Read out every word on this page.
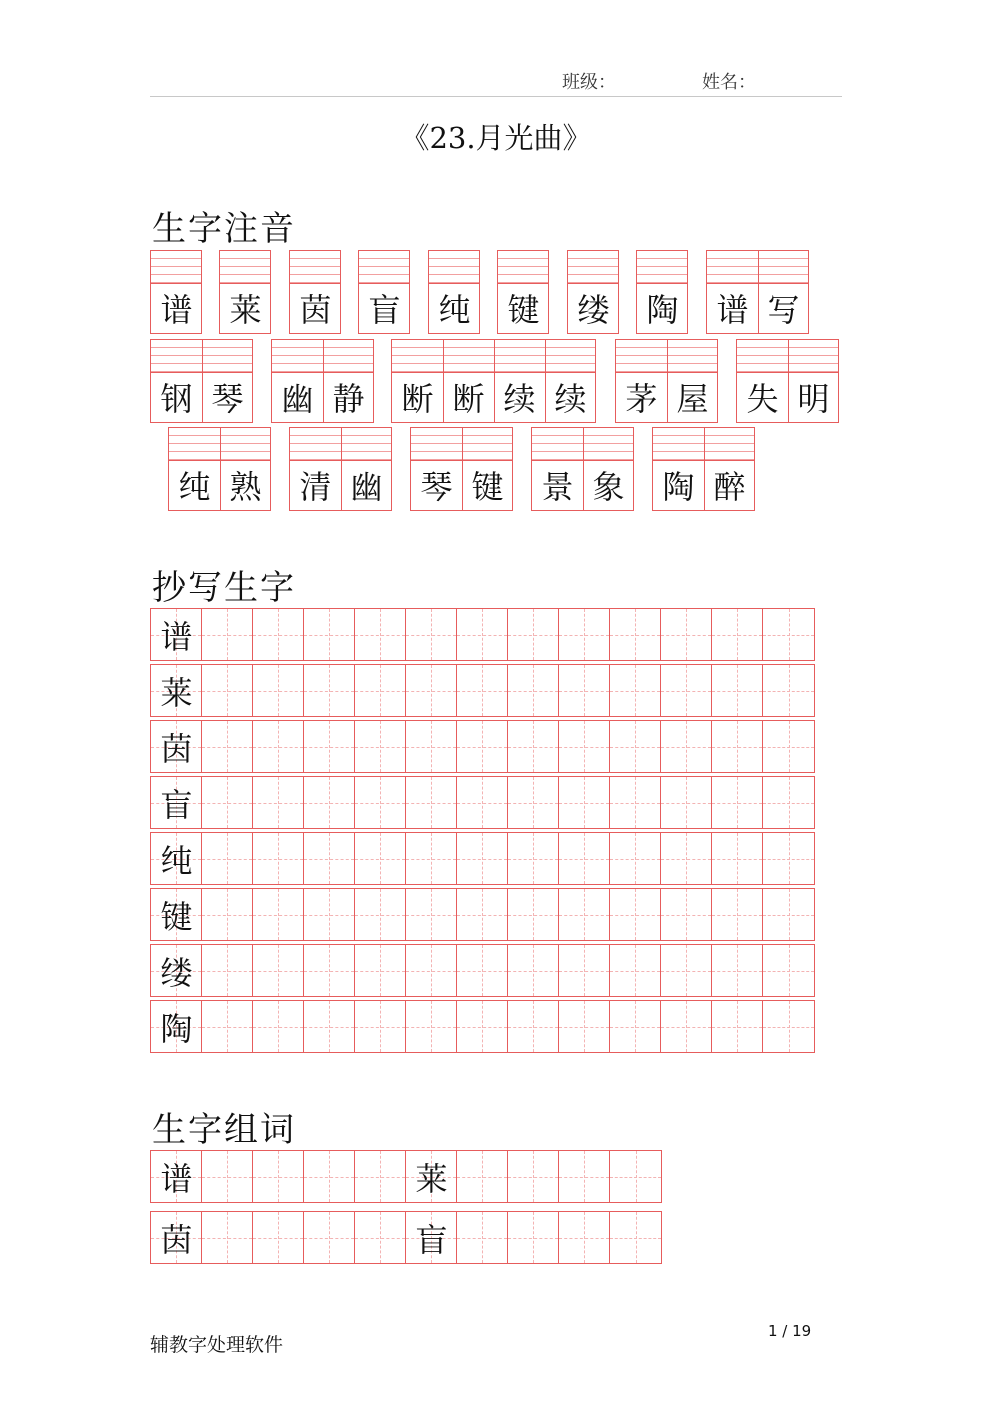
班级：	姓名：
《23.月光曲》
生字注音
谱 莱 茵 盲 纯 键 缕 陶 谱 写
钢 琴 幽 静 断 断 续 续 茅 屋 失 明
纯 熟 清 幽 琴 键 景 象 陶 醉
抄写生字
谱
莱
茵
盲
纯
键
缕
陶
生字组词
谱	莱
茵	盲
辅教字处理软件
1 / 19
